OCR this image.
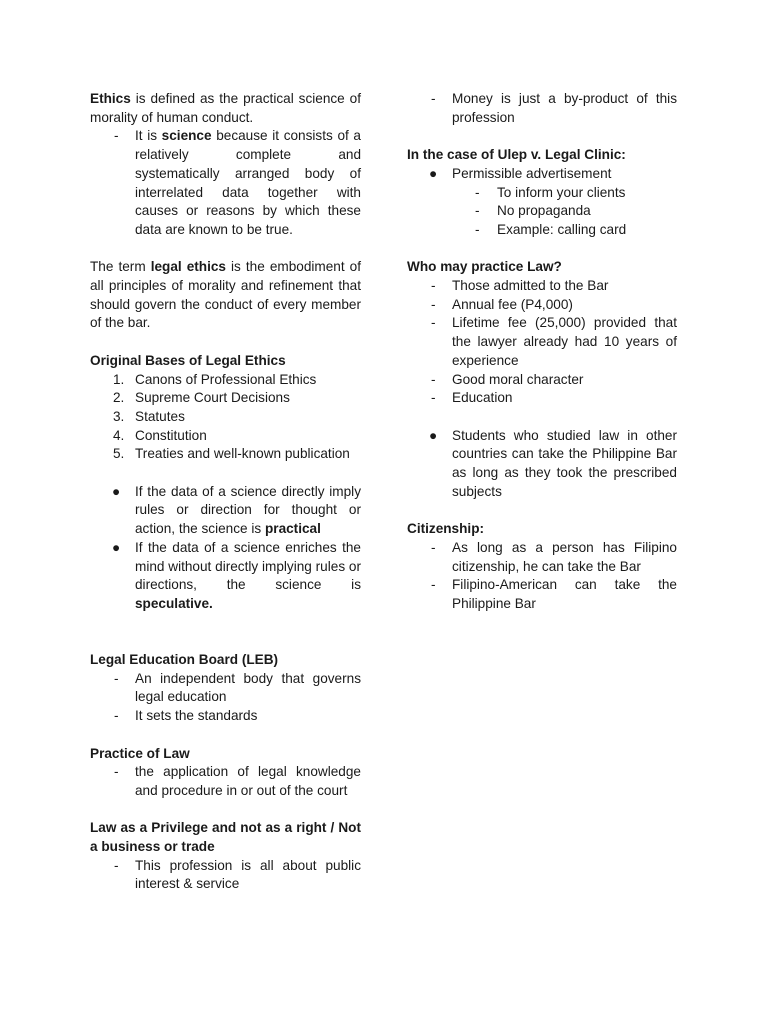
Ethics is defined as the practical science of morality of human conduct.

- It is science because it consists of a relatively complete and systematically arranged body of interrelated data together with causes or reasons by which these data are known to be true.

The term legal ethics is the embodiment of all principles of morality and refinement that should govern the conduct of every member of the bar.

Original Bases of Legal Ethics

1. Canons of Professional Ethics
2. Supreme Court Decisions
3. Statutes
4. Constitution
5. Treaties and well-known publication
● If the data of a science directly imply rules or direction for thought or action, the science is practical
● If the data of a science enriches the mind without directly implying rules or directions, the science is speculative.

Legal Education Board (LEB)

- An independent body that governs legal education
- It sets the standards

Practice of Law

- the application of legal knowledge and procedure in or out of the court

Law as a Privilege and not as a right / Not a business or trade

- This profession is all about public interest & service
- Money is just a by-product of this profession

In the case of Ulep v. Legal Clinic:

● Permissible advertisement
- To inform your clients
- No propaganda
- Example: calling card

Who may practice Law?

- Those admitted to the Bar
- Annual fee (P4,000)
- Lifetime fee (25,000) provided that the lawyer already had 10 years of experience
- Good moral character
- Education
● Students who studied law in other countries can take the Philippine Bar as long as they took the prescribed subjects

Citizenship:

- As long as a person has Filipino citizenship, he can take the Bar
- Filipino-American can take the Philippine Bar
